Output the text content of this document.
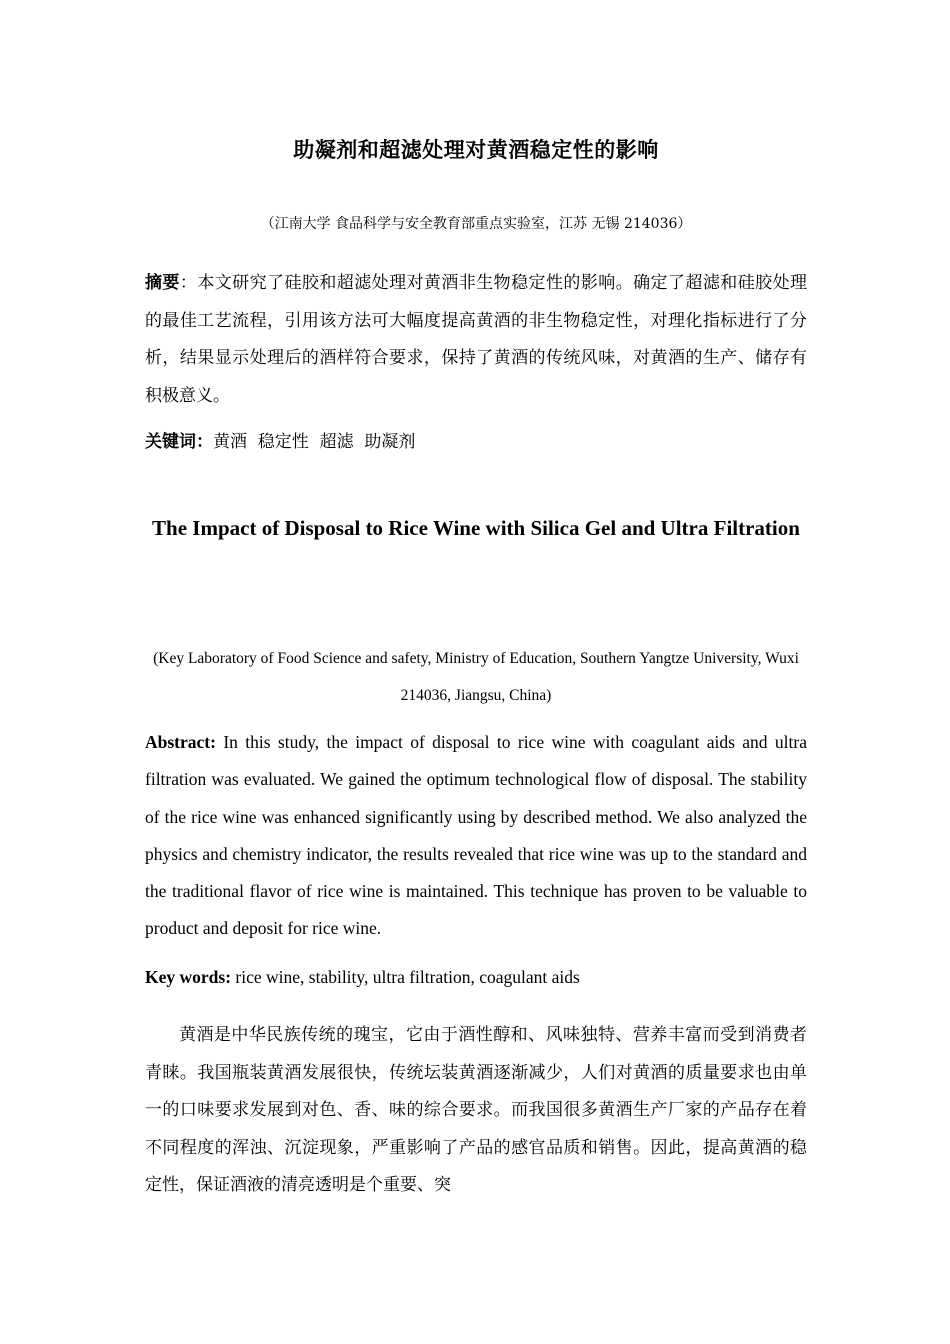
助凝剂和超滤处理对黄酒稳定性的影响
（江南大学 食品科学与安全教育部重点实验室，江苏 无锡 214036）
摘要：本文研究了硅胶和超滤处理对黄酒非生物稳定性的影响。确定了超滤和硅胶处理的最佳工艺流程，引用该方法可大幅度提高黄酒的非生物稳定性，对理化指标进行了分析，结果显示处理后的酒样符合要求，保持了黄酒的传统风味，对黄酒的生产、储存有积极意义。
关键词：黄酒  稳定性  超滤  助凝剂
The Impact of Disposal to Rice Wine with Silica Gel and Ultra Filtration
(Key Laboratory of Food Science and safety, Ministry of Education, Southern Yangtze University, Wuxi 214036, Jiangsu, China)
Abstract: In this study, the impact of disposal to rice wine with coagulant aids and ultra filtration was evaluated. We gained the optimum technological flow of disposal. The stability of the rice wine was enhanced significantly using by described method. We also analyzed the physics and chemistry indicator, the results revealed that rice wine was up to the standard and the traditional flavor of rice wine is maintained. This technique has proven to be valuable to product and deposit for rice wine.
Key words: rice wine, stability, ultra filtration, coagulant aids
黄酒是中华民族传统的瑰宝，它由于酒性醇和、风味独特、营养丰富而受到消费者青睐。我国瓶装黄酒发展很快，传统坛装黄酒逐渐减少，人们对黄酒的质量要求也由单一的口味要求发展到对色、香、味的综合要求。而我国很多黄酒生产厂家的产品存在着不同程度的浑浊、沉淀现象，严重影响了产品的感官品质和销售。因此，提高黄酒的稳定性，保证酒液的清亮透明是个重要、突
